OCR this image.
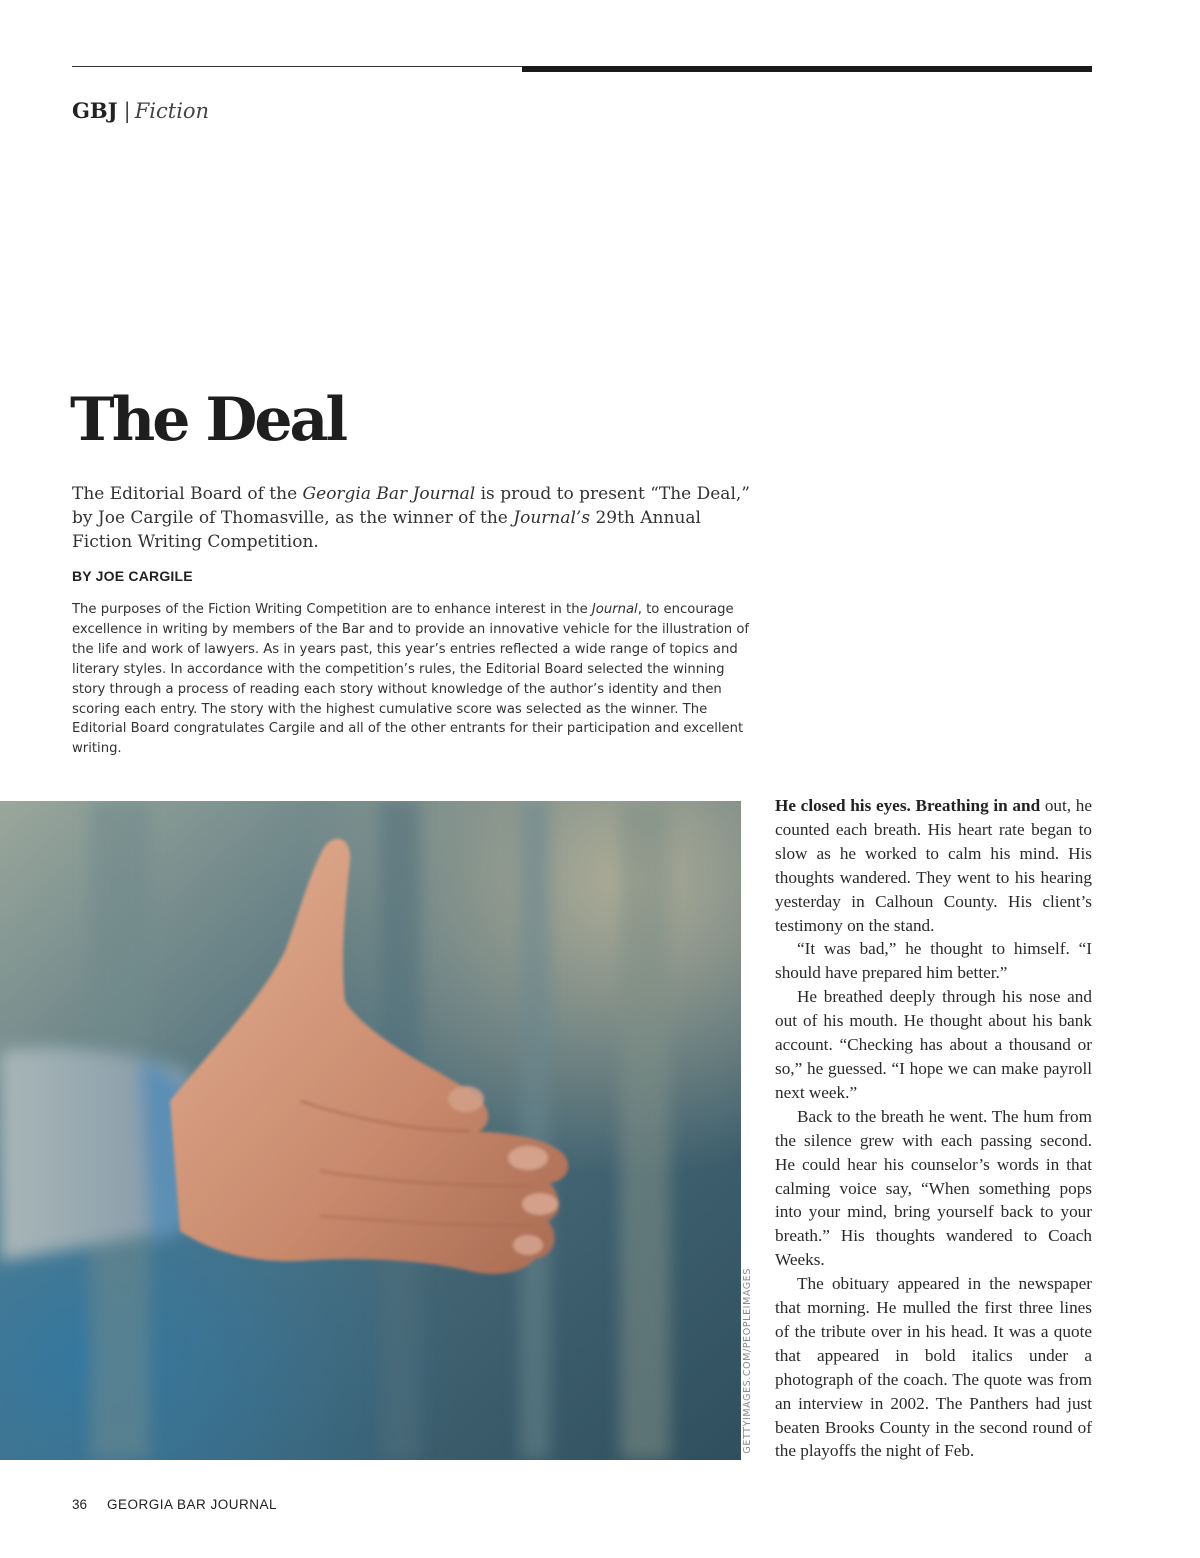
GBJ | Fiction
The Deal

The Editorial Board of the Georgia Bar Journal is proud to present “The Deal,” by Joe Cargile of Thomasville, as the winner of the Journal’s 29th Annual Fiction Writing Competition.

BY JOE CARGILE

The purposes of the Fiction Writing Competition are to enhance interest in the Journal, to encourage excellence in writing by members of the Bar and to provide an innovative vehicle for the illustration of the life and work of lawyers. As in years past, this year’s entries reflected a wide range of topics and literary styles. In accordance with the competition’s rules, the Editorial Board selected the winning story through a process of reading each story without knowledge of the author’s identity and then scoring each entry. The story with the highest cumulative score was selected as the winner. The Editorial Board congratulates Cargile and all of the other entrants for their participation and excellent writing.

GETTYIMAGES.COM/PEOPLEIMAGES

He closed his eyes. Breathing in and out, he counted each breath. His heart rate began to slow as he worked to calm his mind. His thoughts wandered. They went to his hearing yesterday in Calhoun County. His client’s testimony on the stand.

“It was bad,” he thought to himself. “I should have prepared him better.”

He breathed deeply through his nose and out of his mouth. He thought about his bank account. “Checking has about a thousand or so,” he guessed. “I hope we can make payroll next week.”

Back to the breath he went. The hum from the silence grew with each passing second. He could hear his counselor’s words in that calming voice say, “When something pops into your mind, bring yourself back to your breath.” His thoughts wandered to Coach Weeks.

The obituary appeared in the newspaper that morning. He mulled the first three lines of the tribute over in his head. It was a quote that appeared in bold italics under a photograph of the coach. The quote was from an interview in 2002. The Panthers had just beaten Brooks County in the second round of the playoffs the night of Feb.

36 GEORGIA BAR JOURNAL
